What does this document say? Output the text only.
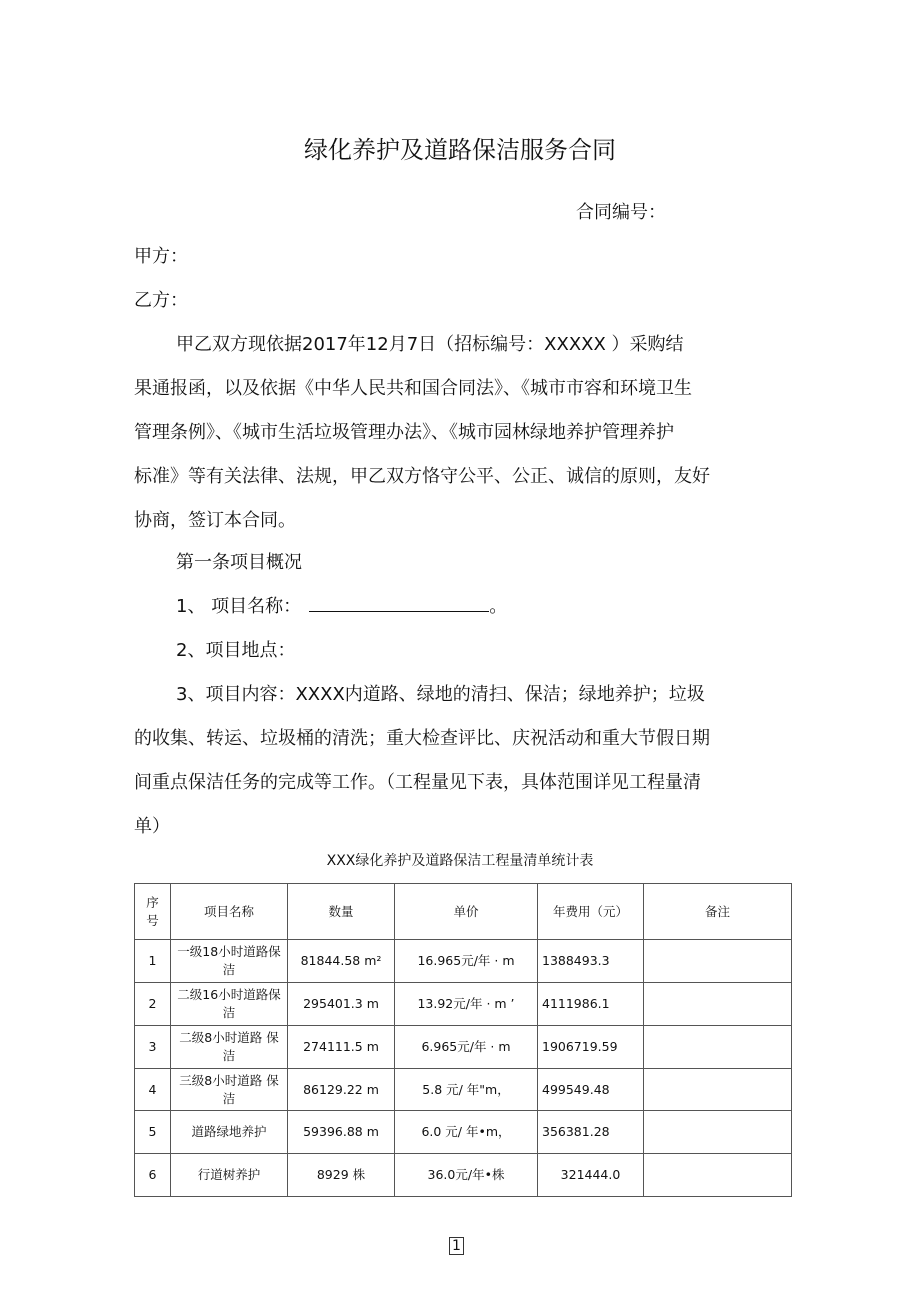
绿化养护及道路保洁服务合同
合同编号：
甲方：
乙方：
甲乙双方现依据2017年12月7日（招标编号：XXXXX ）采购结
果通报函，以及依据《中华人民共和国合同法》、《城市市容和环境卫生
管理条例》、《城市生活垃圾管理办法》、《城市园林绿地养护管理养护
标准》等有关法律、法规，甲乙双方恪守公平、公正、诚信的原则，友好
协商，签订本合同。
第一条项目概况
1、 项目名称：	。
2、项目地点：
3、项目内容：XXXX内道路、绿地的清扫、保洁；绿地养护；垃圾
的收集、转运、垃圾桶的清洗；重大检查评比、庆祝活动和重大节假日期
间重点保洁任务的完成等工作。（工程量见下表，具体范围详见工程量清
单）
XXX绿化养护及道路保洁工程量清单统计表
序 号	项目名称	数量	单价	年费用（元）	备注
1	一级18小时道路保洁	81844.58 m²	16.965元/年 · m	1388493.3	
2	二级16小时道路保洁	295401.3 m	13.92元/年 · m ’	4111986.1	
3	二级8小时道路 保洁	274111.5 m	6.965元/年 · m	1906719.59	
4	三级8小时道路 保洁	86129.22 m	5.8 元/ 年"m，	499549.48	
5	道路绿地养护	59396.88 m	6.0 元/ 年•m，	356381.28	
6	行道树养护	8929 株	36.0元/年•株	321444.0	
1
